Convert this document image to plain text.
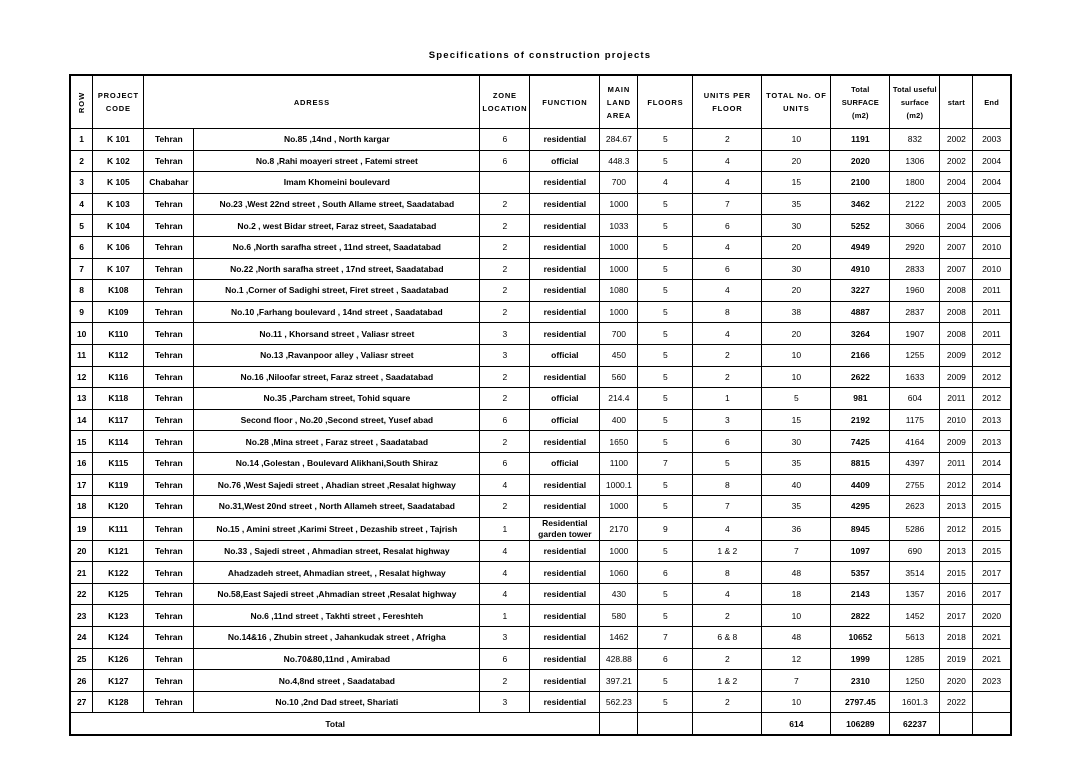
Specifications of construction projects
ROW	PROJECT CODE	ADRESS		ZONE LOCATION	FUNCTION	MAIN LAND AREA	FLOORS	UNITS PER FLOOR	TOTAL No. OF UNITS	Total SURFACE (m2)	Total useful surface (m2)	start	End
1	K 101	Tehran	No.85 ,14nd , North kargar	6	residential	284.67	5	2	10	1191	832	2002	2003
2	K 102	Tehran	No.8 ,Rahi moayeri street , Fatemi street	6	official	448.3	5	4	20	2020	1306	2002	2004
3	K 105	Chabahar	Imam Khomeini boulevard		residential	700	4	4	15	2100	1800	2004	2004
4	K 103	Tehran	No.23 ,West 22nd street , South Allame street, Saadatabad	2	residential	1000	5	7	35	3462	2122	2003	2005
5	K 104	Tehran	No.2 , west Bidar street, Faraz street, Saadatabad	2	residential	1033	5	6	30	5252	3066	2004	2006
6	K 106	Tehran	No.6 ,North sarafha street , 11nd street, Saadatabad	2	residential	1000	5	4	20	4949	2920	2007	2010
7	K 107	Tehran	No.22 ,North sarafha street , 17nd street, Saadatabad	2	residential	1000	5	6	30	4910	2833	2007	2010
8	K108	Tehran	No.1 ,Corner of Sadighi street, Firet street , Saadatabad	2	residential	1080	5	4	20	3227	1960	2008	2011
9	K109	Tehran	No.10 ,Farhang boulevard , 14nd street , Saadatabad	2	residential	1000	5	8	38	4887	2837	2008	2011
10	K110	Tehran	No.11 , Khorsand street , Valiasr street	3	residential	700	5	4	20	3264	1907	2008	2011
11	K112	Tehran	No.13 ,Ravanpoor alley , Valiasr street	3	official	450	5	2	10	2166	1255	2009	2012
12	K116	Tehran	No.16 ,Niloofar street, Faraz street , Saadatabad	2	residential	560	5	2	10	2622	1633	2009	2012
13	K118	Tehran	No.35 ,Parcham street, Tohid square	2	official	214.4	5	1	5	981	604	2011	2012
14	K117	Tehran	Second floor , No.20 ,Second street, Yusef abad	6	official	400	5	3	15	2192	1175	2010	2013
15	K114	Tehran	No.28 ,Mina street , Faraz street , Saadatabad	2	residential	1650	5	6	30	7425	4164	2009	2013
16	K115	Tehran	No.14 ,Golestan , Boulevard Alikhani,South Shiraz	6	official	1100	7	5	35	8815	4397	2011	2014
17	K119	Tehran	No.76 ,West Sajedi street , Ahadian street ,Resalat highway	4	residential	1000.1	5	8	40	4409	2755	2012	2014
18	K120	Tehran	No.31,West 20nd street , North Allameh street, Saadatabad	2	residential	1000	5	7	35	4295	2623	2013	2015
19	K111	Tehran	No.15 , Amini street ,Karimi Street , Dezashib street , Tajrish	1	Residential garden tower	2170	9	4	36	8945	5286	2012	2015
20	K121	Tehran	No.33 , Sajedi street , Ahmadian street, Resalat highway	4	residential	1000	5	1 & 2	7	1097	690	2013	2015
21	K122	Tehran	Ahadzadeh street, Ahmadian street, , Resalat highway	4	residential	1060	6	8	48	5357	3514	2015	2017
22	K125	Tehran	No.58,East Sajedi street ,Ahmadian street ,Resalat highway	4	residential	430	5	4	18	2143	1357	2016	2017
23	K123	Tehran	No.6 ,11nd street , Takhti street , Fereshteh	1	residential	580	5	2	10	2822	1452	2017	2020
24	K124	Tehran	No.14&16 , Zhubin street , Jahankudak street , Afrigha	3	residential	1462	7	6 & 8	48	10652	5613	2018	2021
25	K126	Tehran	No.70&80,11nd , Amirabad	6	residential	428.88	6	2	12	1999	1285	2019	2021
26	K127	Tehran	No.4,8nd street , Saadatabad	2	residential	397.21	5	1 & 2	7	2310	1250	2020	2023
27	K128	Tehran	No.10 ,2nd Dad street, Shariati	3	residential	562.23	5	2	10	2797.45	1601.3	2022	
Total									614	106289	62237		
